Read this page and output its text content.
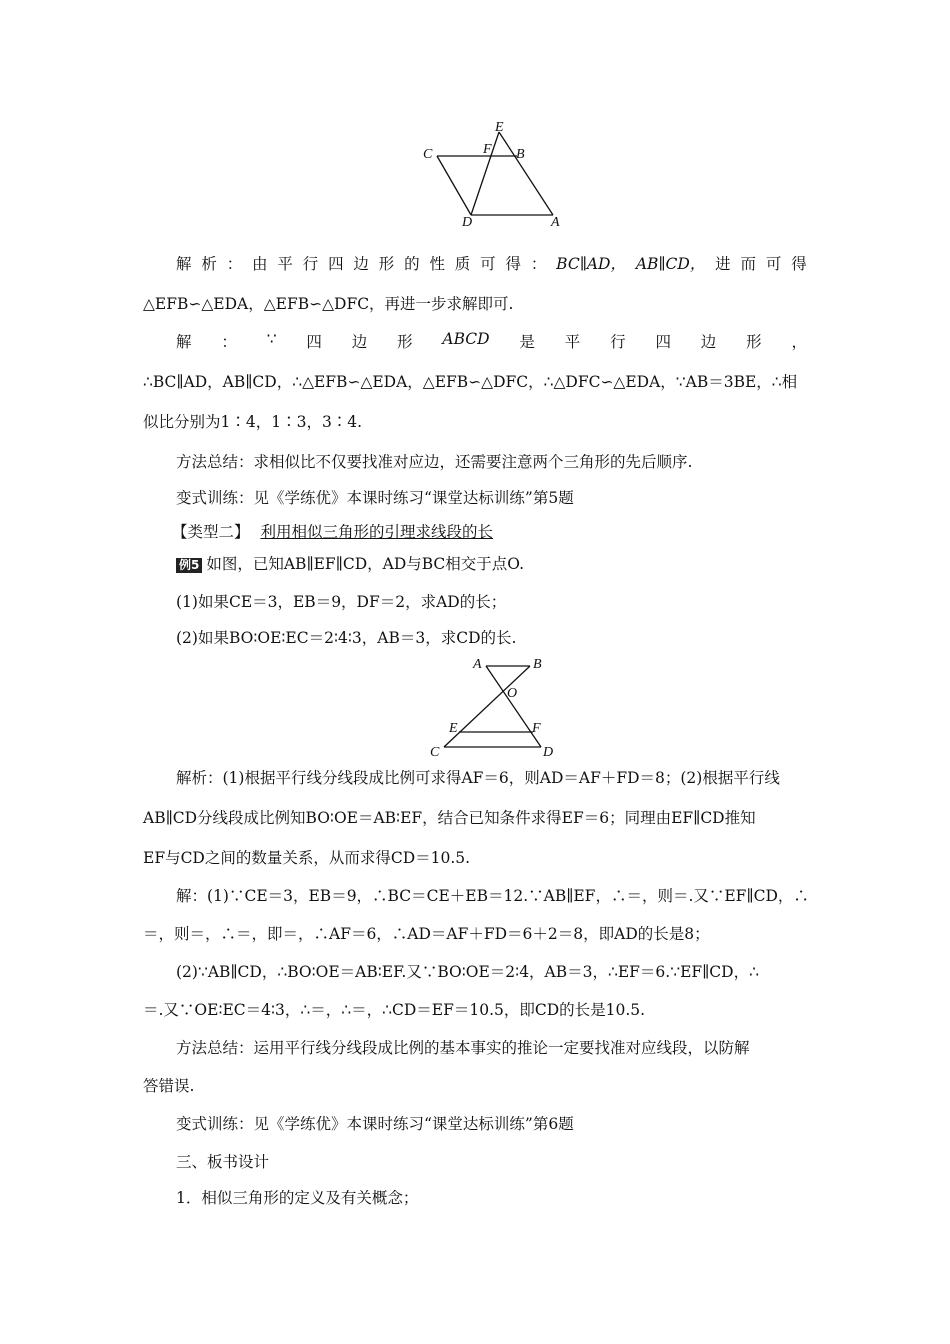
E
F B
C
D	A
解 析 ： 由 平 行 四 边 形 的 性 质 可 得 ： BC∥AD， AB∥CD， 进 而 可 得
△EFB∽△EDA，△EFB∽△DFC，再进一步求解即可.
解 ： ∵ 四 边 形 ABCD 是 平 行 四 边 形 ，
∴BC∥AD，AB∥CD，∴△EFB∽△EDA，△EFB∽△DFC，∴△DFC∽△EDA，∵AB＝3BE，∴相
似比分别为1∶4，1∶3，3∶4.
方法总结：求相似比不仅要找准对应边，还需要注意两个三角形的先后顺序.
变式训练：见《学练优》本课时练习“课堂达标训练”第5题
【类型二】 利用相似三角形的引理求线段的长
例5 如图，已知AB∥EF∥CD，AD与BC相交于点O.
(1)如果CE＝3，EB＝9，DF＝2，求AD的长；
(2)如果BO∶OE∶EC＝2∶4∶3，AB＝3，求CD的长.
A	B
O
E	F
C	D
解析：(1)根据平行线分线段成比例可求得AF＝6，则AD＝AF＋FD＝8；(2)根据平行线
AB∥CD分线段成比例知BO∶OE＝AB∶EF，结合已知条件求得EF＝6；同理由EF∥CD推知
EF与CD之间的数量关系，从而求得CD＝10.5.
解：(1)∵CE＝3，EB＝9，∴BC＝CE＋EB＝12.∵AB∥EF，∴＝，则＝.又∵EF∥CD，∴
＝，则＝，∴＝，即＝，∴AF＝6，∴AD＝AF＋FD＝6＋2＝8，即AD的长是8；
(2)∵AB∥CD，∴BO∶OE＝AB∶EF.又∵BO∶OE＝2∶4，AB＝3，∴EF＝6.∵EF∥CD，∴
＝.又∵OE∶EC＝4∶3，∴＝，∴＝，∴CD＝EF＝10.5，即CD的长是10.5.
方法总结：运用平行线分线段成比例的基本事实的推论一定要找准对应线段，以防解
答错误.
变式训练：见《学练优》本课时练习“课堂达标训练”第6题
三、板书设计
1．相似三角形的定义及有关概念；
